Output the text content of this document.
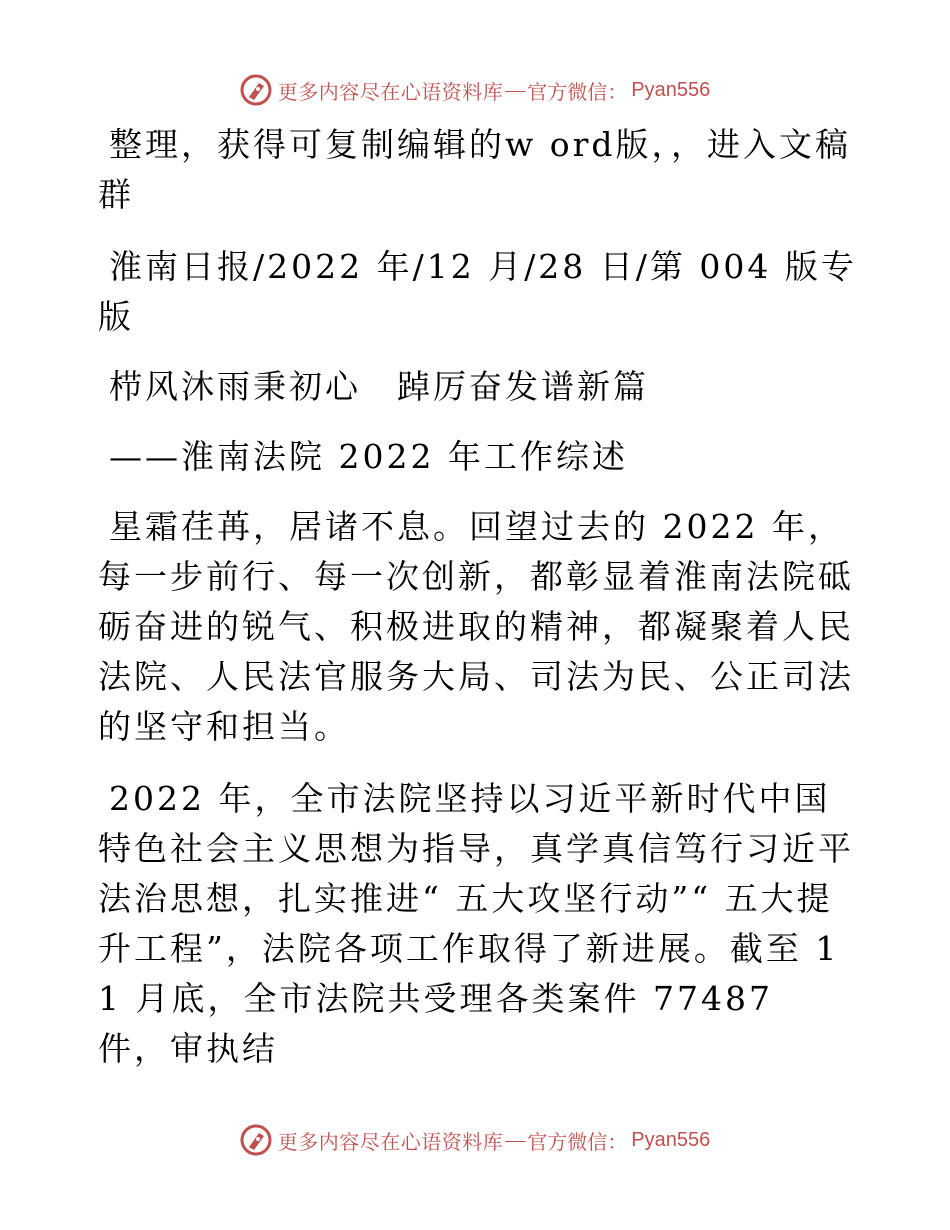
更多内容尽在心语资料库 — 官方微信： Pyan556

整理，获得可复制编辑的w ord版，，进入文稿群

淮南日报/2022 年/12 月/28 日/第 004 版专版

栉风沐雨秉初心　踔厉奋发谱新篇

——淮南法院 2022 年工作综述

星霜荏苒，居诸不息。回望过去的 2022 年，每一步前行、每一次创新，都彰显着淮南法院砥砺奋进的锐气、积极进取的精神，都凝聚着人民法院、人民法官服务大局、司法为民、公正司法的坚守和担当。

2022 年，全市法院坚持以习近平新时代中国特色社会主义思想为指导，真学真信笃行习近平法治思想，扎实推进“ 五大攻坚行动”“ 五大提升工程”，法院各项工作取得了新进展。截至 11 月底，全市法院共受理各类案件 77487 件，审执结

更多内容尽在心语资料库 — 官方微信： Pyan556
